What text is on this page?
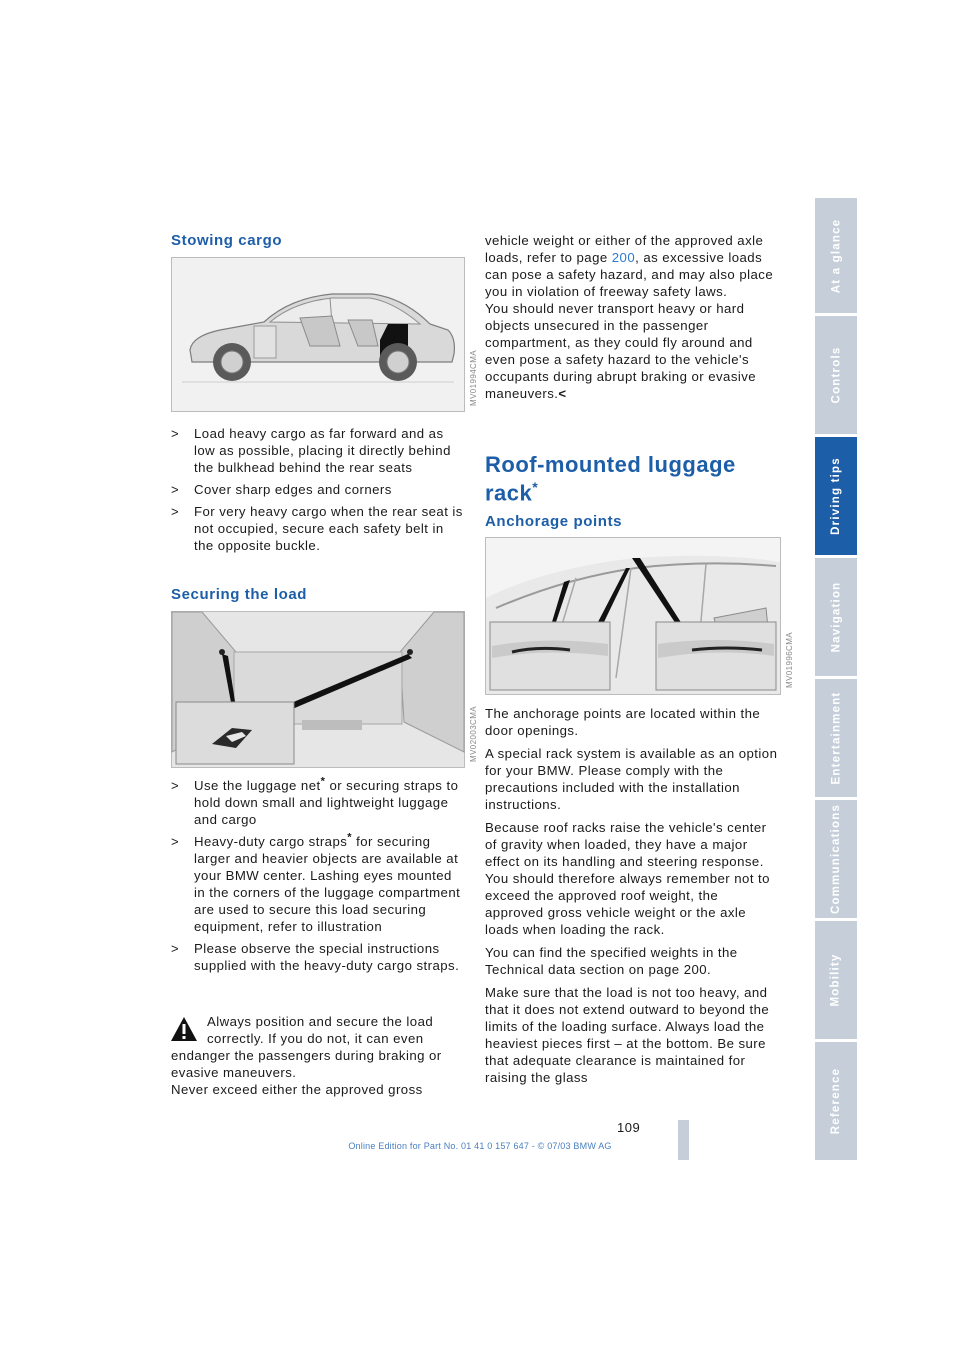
Stowing cargo
MV01994CMA
> Load heavy cargo as far forward and as low as possible, placing it directly behind the bulkhead behind the rear seats
> Cover sharp edges and corners
> For very heavy cargo when the rear seat is not occupied, secure each safety belt in the opposite buckle.
Securing the load
MV02003CMA
> Use the luggage net* or securing straps to hold down small and lightweight luggage and cargo
> Heavy-duty cargo straps* for securing larger and heavier objects are available at your BMW center. Lashing eyes mounted in the corners of the luggage compartment are used to secure this load securing equipment, refer to illustration
> Please observe the special instructions supplied with the heavy-duty cargo straps.

Always position and secure the load

correctly. If you do not, it can even

endanger the passengers during braking or evasive maneuvers.

Never exceed either the approved gross

vehicle weight or either of the approved axle loads, refer to page 200, as excessive loads can pose a safety hazard, and may also place you in violation of freeway safety laws.

You should never transport heavy or hard objects unsecured in the passenger compartment, as they could fly around and even pose a safety hazard to the vehicle's occupants during abrupt braking or evasive maneuvers.<

Roof-mounted luggage rack*
Anchorage points
MV01996CMA

The anchorage points are located within the door openings.

A special rack system is available as an option for your BMW. Please comply with the precautions included with the installation instructions.

Because roof racks raise the vehicle's center of gravity when loaded, they have a major effect on its handling and steering response.

You should therefore always remember not to exceed the approved roof weight, the approved gross vehicle weight or the axle loads when loading the rack.

You can find the specified weights in the Technical data section on page 200.

Make sure that the load is not too heavy, and that it does not extend outward to beyond the limits of the loading surface. Always load the heaviest pieces first – at the bottom. Be sure that adequate clearance is maintained for raising the glass

At a glance
Controls
Driving tips
Navigation
Entertainment
Communications
Mobility
Reference
109
Online Edition for Part No. 01 41 0 157 647 - © 07/03 BMW AG
